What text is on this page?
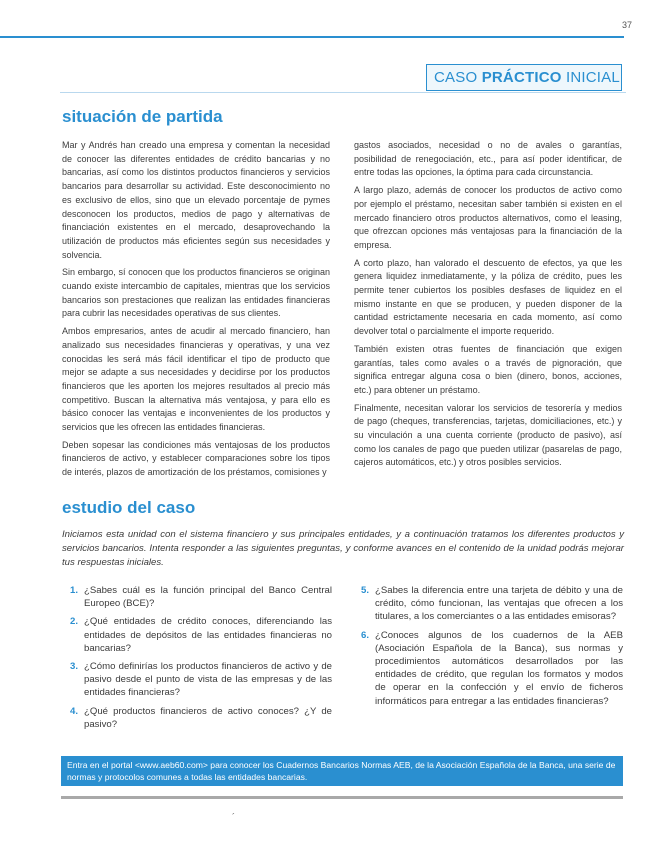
37
CASO PRÁCTICO INICIAL
situación de partida

Mar y Andrés han creado una empresa y comentan la necesidad de conocer las diferentes entidades de crédito bancarias y no bancarias, así como los distintos productos financieros y servicios bancarios para desarrollar su actividad. Este desconocimiento no es exclusivo de ellos, sino que un elevado porcentaje de pymes desconocen los productos, medios de pago y alternativas de financiación existentes en el mercado, desaprovechando la utilización de productos más eficientes según sus necesidades y solvencia.

Sin embargo, sí conocen que los productos financieros se originan cuando existe intercambio de capitales, mientras que los servicios bancarios son prestaciones que realizan las entidades financieras para cubrir las necesidades operativas de sus clientes.

Ambos empresarios, antes de acudir al mercado financiero, han analizado sus necesidades financieras y operativas, y una vez conocidas les será más fácil identificar el tipo de producto que mejor se adapte a sus necesidades y decidirse por los productos financieros que les aporten los mejores resultados al precio más competitivo. Buscan la alternativa más ventajosa, y para ello es básico conocer las ventajas e inconvenientes de los productos y servicios que les ofrecen las entidades financieras.

Deben sopesar las condiciones más ventajosas de los productos financieros de activo, y establecer comparaciones sobre los tipos de interés, plazos de amortización de los préstamos, comisiones y

gastos asociados, necesidad o no de avales o garantías, posibilidad de renegociación, etc., para así poder identificar, de entre todas las opciones, la óptima para cada circunstancia.

A largo plazo, además de conocer los productos de activo como por ejemplo el préstamo, necesitan saber también si existen en el mercado financiero otros productos alternativos, como el leasing, que ofrezcan opciones más ventajosas para la financiación de la empresa.

A corto plazo, han valorado el descuento de efectos, ya que les genera liquidez inmediatamente, y la póliza de crédito, pues les permite tener cubiertos los posibles desfases de liquidez en el mismo instante en que se producen, y pueden disponer de la cantidad estrictamente necesaria en cada momento, así como devolver total o parcialmente el importe requerido.

También existen otras fuentes de financiación que exigen garantías, tales como avales o a través de pignoración, que significa entregar alguna cosa o bien (dinero, bonos, acciones, etc.) para obtener un préstamo.

Finalmente, necesitan valorar los servicios de tesorería y medios de pago (cheques, transferencias, tarjetas, domiciliaciones, etc.) y su vinculación a una cuenta corriente (producto de pasivo), así como los canales de pago que pueden utilizar (pasarelas de pago, cajeros automáticos, etc.) y otros posibles servicios.

estudio del caso
Iniciamos esta unidad con el sistema financiero y sus principales entidades, y a continuación tratamos los diferentes productos y servicios bancarios. Intenta responder a las siguientes preguntas, y conforme avances en el contenido de la unidad podrás mejorar tus respuestas iniciales.
1. ¿Sabes cuál es la función principal del Banco Central Europeo (BCE)?
2. ¿Qué entidades de crédito conoces, diferenciando las entidades de depósitos de las entidades financieras no bancarias?
3. ¿Cómo definirías los productos financieros de activo y de pasivo desde el punto de vista de las empresas y de las entidades financieras?
4. ¿Qué productos financieros de activo conoces? ¿Y de pasivo?
5. ¿Sabes la diferencia entre una tarjeta de débito y una de crédito, cómo funcionan, las ventajas que ofrecen a los titulares, a los comerciantes o a las entidades emisoras?
6. ¿Conoces algunos de los cuadernos de la AEB (Asociación Española de la Banca), sus normas y procedimientos automáticos desarrollados por las entidades de crédito, que regulan los formatos y modos de operar en la confección y el envío de ficheros informáticos para entregar a las entidades financieras?
Entra en el portal <www.aeb60.com> para conocer los Cuadernos Bancarios Normas AEB, de la Asociación Española de la Banca, una serie de normas y protocolos comunes a todas las entidades bancarias.
´
